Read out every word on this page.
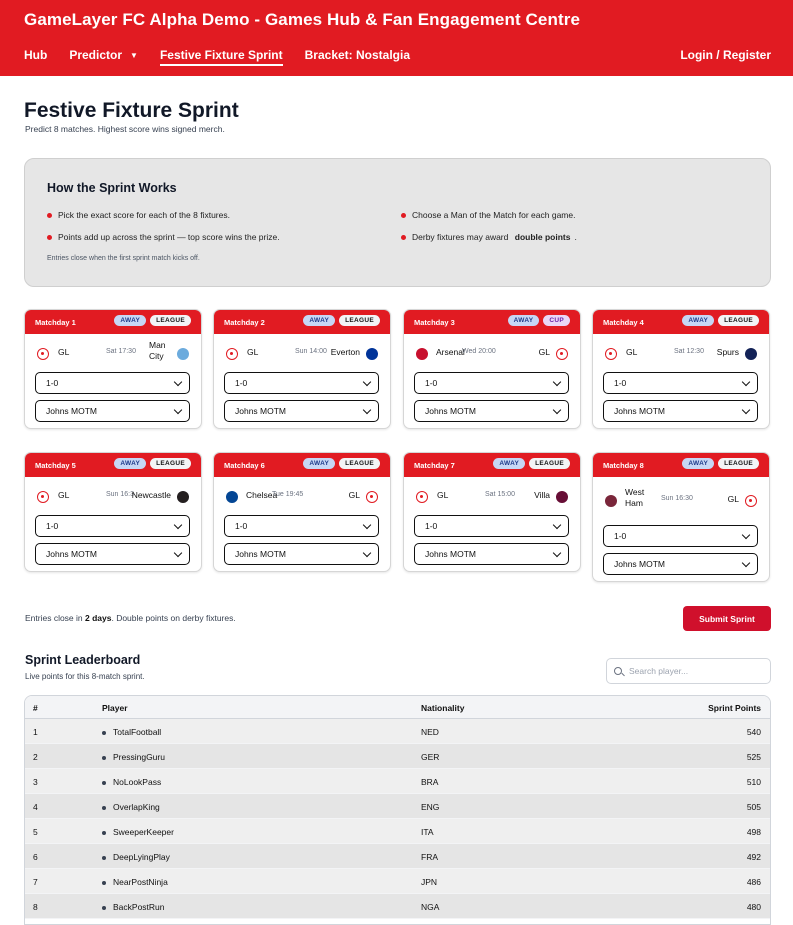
GameLayer FC Alpha Demo - Games Hub & Fan Engagement Centre
Hub Predictor ▼ Festive Fixture Sprint Bracket: Nostalgia	Login / Register
Festive Fixture Sprint
Predict 8 matches. Highest score wins signed merch.
How the Sprint Works
Pick the exact score for each of the 8 fixtures.	Choose a Man of the Match for each game.
Points add up across the sprint — top score wins the prize.	Derby fixtures may award
double points .
Entries close when the first sprint match kicks off.
Matchday 1	AWAY	LEAGUE
GL	Sat 17:30
Man City
1-0
Johns MOTM
Matchday 2	AWAY	LEAGUE
GL	Sun 14:00 Everton
1-0
Johns MOTM
Matchday 3	AWAY	CUP
Arsenal
Wed 20:00	GL
1-0
Johns MOTM
Matchday 4	AWAY	LEAGUE
GL	Sat 12:30 Spurs
1-0
Johns MOTM
Matchday 5	AWAY	LEAGUE
GL	Sun 16:3
Newcastle
1-0
Johns MOTM
Matchday 6	AWAY	LEAGUE
Chelsea
Tue 19:45	GL
1-0
Johns MOTM
Matchday 7	AWAY	LEAGUE
GL	Sat 15:00 Villa
1-0
Johns MOTM
Matchday 8	AWAY	LEAGUE
West Ham	Sun 16:30	GL
1-0
Johns MOTM
Entries close in 2 days. Double points on derby fixtures.	Submit Sprint
Sprint Leaderboard
Live points for this 8-match sprint.
Search player...
#	Player	Nationality	Sprint Points
1	TotalFootball	NED	540
2	PressingGuru	GER	525
3	NoLookPass	BRA	510
4	OverlapKing	ENG	505
5	SweeperKeeper	ITA	498
6	DeepLyingPlay	FRA	492
7	NearPostNinja	JPN	486
8	BackPostRun	NGA	480
